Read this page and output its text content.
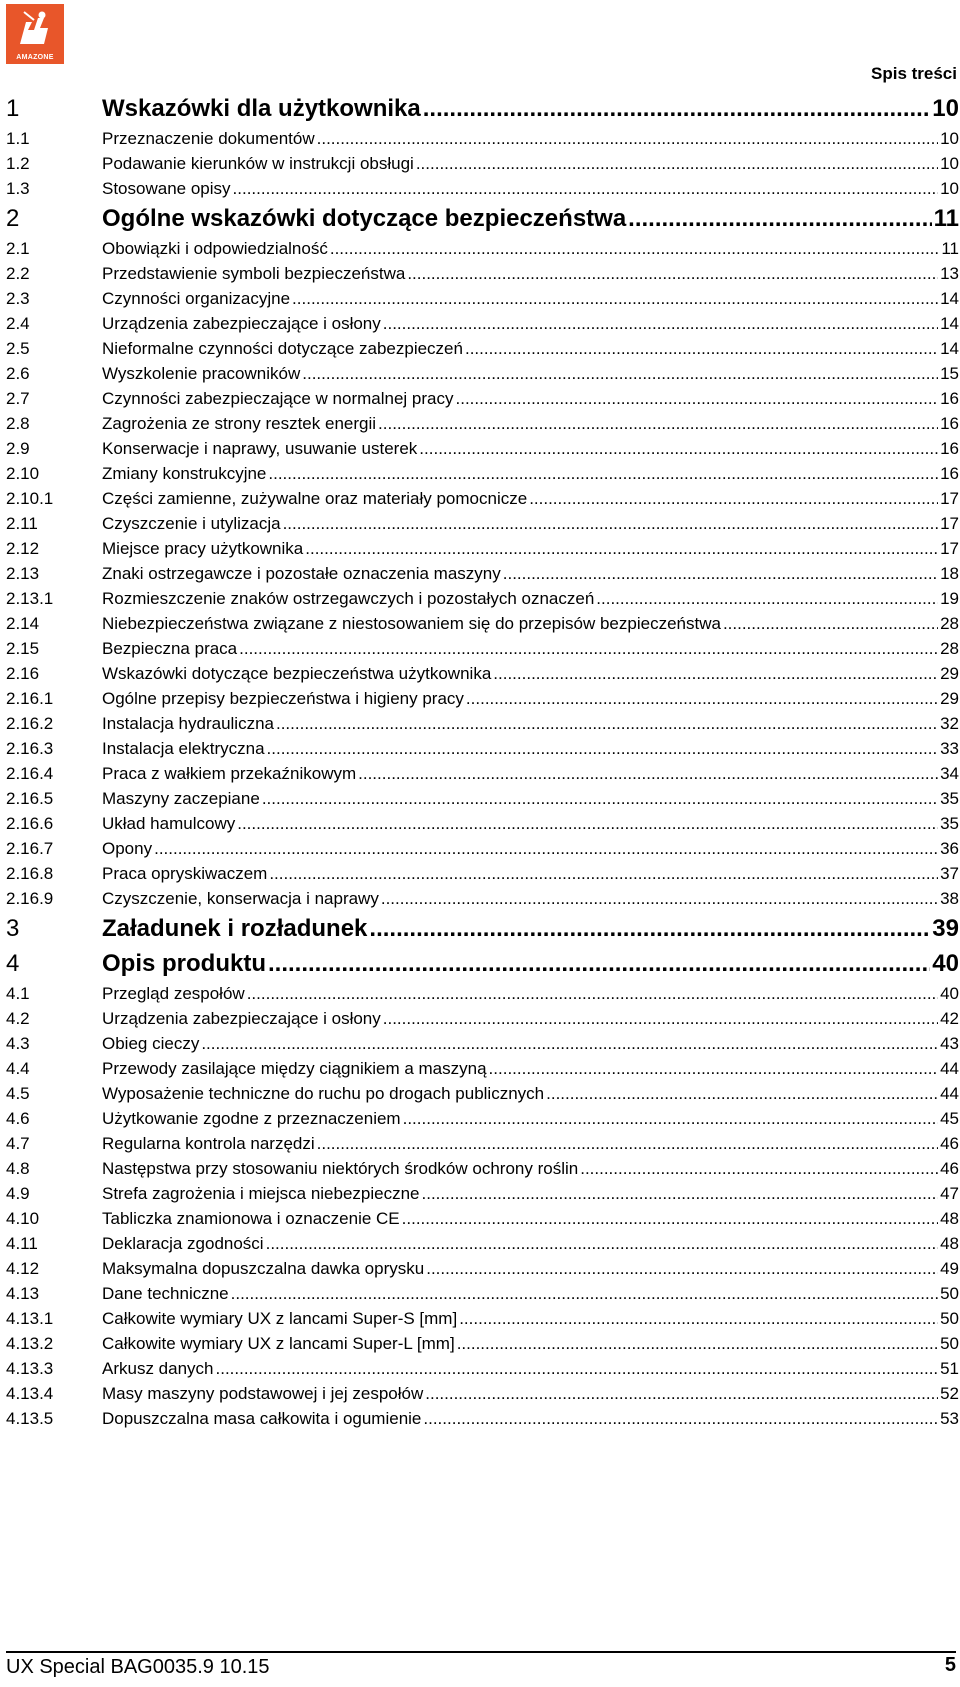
AMAZONE
Spis treści
1	Wskazówki dla użytkownika .....	10
1.1	Przeznaczenie dokumentów .....	10
1.2	Podawanie kierunków w instrukcji obsługi .....	10
1.3	Stosowane opisy .....	10
2	Ogólne wskazówki dotyczące bezpieczeństwa .....	11
2.1	Obowiązki i odpowiedzialność .....	11
2.2	Przedstawienie symboli bezpieczeństwa .....	13
2.3	Czynności organizacyjne .....	14
2.4	Urządzenia zabezpieczające i osłony .....	14
2.5	Nieformalne czynności dotyczące zabezpieczeń .....	14
2.6	Wyszkolenie pracowników .....	15
2.7	Czynności zabezpieczające w normalnej pracy .....	16
2.8	Zagrożenia ze strony resztek energii .....	16
2.9	Konserwacje i naprawy, usuwanie usterek .....	16
2.10	Zmiany konstrukcyjne .....	16
2.10.1	Części zamienne, zużywalne oraz materiały pomocnicze .....	17
2.11	Czyszczenie i utylizacja .....	17
2.12	Miejsce pracy użytkownika .....	17
2.13	Znaki ostrzegawcze i pozostałe oznaczenia maszyny .....	18
2.13.1	Rozmieszczenie znaków ostrzegawczych i pozostałych oznaczeń .....	19
2.14	Niebezpieczeństwa związane z niestosowaniem się do przepisów bezpieczeństwa .....	28
2.15	Bezpieczna praca .....	28
2.16	Wskazówki dotyczące bezpieczeństwa użytkownika .....	29
2.16.1	Ogólne przepisy bezpieczeństwa i higieny pracy .....	29
2.16.2	Instalacja hydrauliczna .....	32
2.16.3	Instalacja elektryczna .....	33
2.16.4	Praca z wałkiem przekaźnikowym .....	34
2.16.5	Maszyny zaczepiane .....	35
2.16.6	Układ hamulcowy .....	35
2.16.7	Opony .....	36
2.16.8	Praca opryskiwaczem .....	37
2.16.9	Czyszczenie, konserwacja i naprawy .....	38
3	Załadunek i rozładunek .....	39
4	Opis produktu .....	40
4.1	Przegląd zespołów .....	40
4.2	Urządzenia zabezpieczające i osłony .....	42
4.3	Obieg cieczy .....	43
4.4	Przewody zasilające między ciągnikiem a maszyną .....	44
4.5	Wyposażenie techniczne do ruchu po drogach publicznych .....	44
4.6	Użytkowanie zgodne z przeznaczeniem .....	45
4.7	Regularna kontrola narzędzi .....	46
4.8	Następstwa przy stosowaniu niektórych środków ochrony roślin .....	46
4.9	Strefa zagrożenia i miejsca niebezpieczne .....	47
4.10	Tabliczka znamionowa i oznaczenie CE .....	48
4.11	Deklaracja zgodności .....	48
4.12	Maksymalna dopuszczalna dawka oprysku .....	49
4.13	Dane techniczne .....	50
4.13.1	Całkowite wymiary UX z lancami Super-S [mm] .....	50
4.13.2	Całkowite wymiary UX z lancami Super-L [mm] .....	50
4.13.3	Arkusz danych .....	51
4.13.4	Masy maszyny podstawowej i jej zespołów .....	52
4.13.5	Dopuszczalna masa całkowita i ogumienie .....	53
UX Special BAG0035.9 10.15	5
